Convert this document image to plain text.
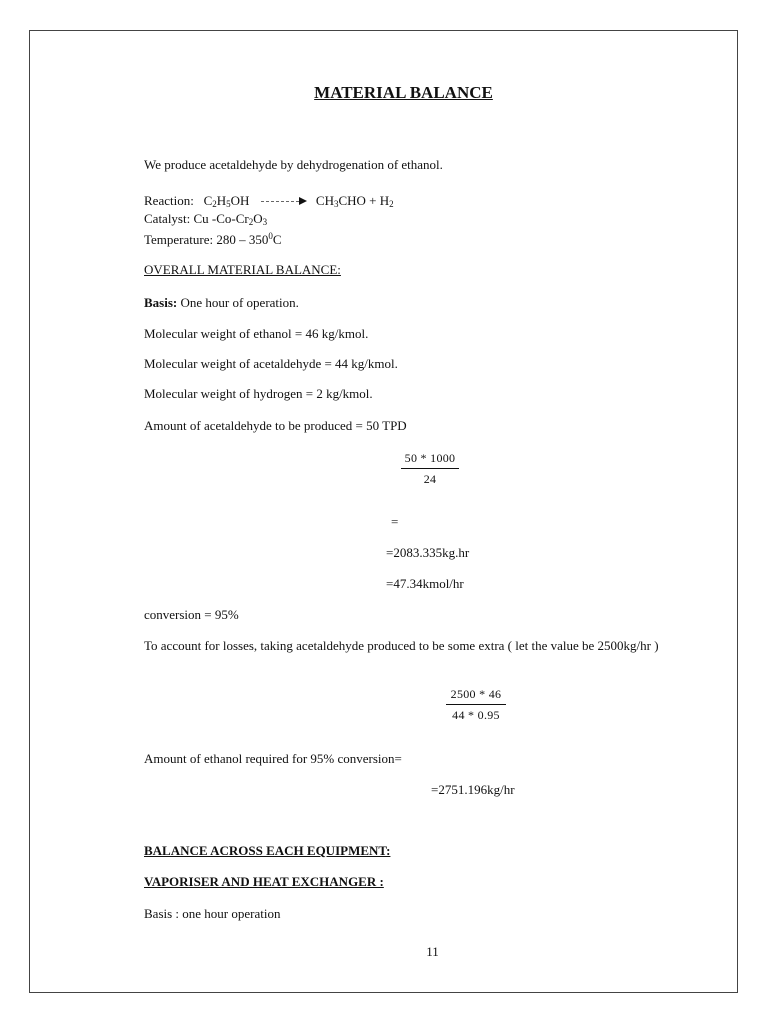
MATERIAL BALANCE
We produce acetaldehyde by dehydrogenation of ethanol.
Reaction: $C_2H_5OH$	$CH_3CHO + H_2$
Catalyst: Cu $-Co-Cr_2O_3$
Temperature: $280 - 350^0C$
OVERALL MATERIAL BALANCE:
Basis: One hour of operation.
Molecular weight of ethanol = 46 kg/kmol.
Molecular weight of acetaldehyde = 44 kg/kmol.
Molecular weight of hydrogen = 2 kg/kmol.
Amount of acetaldehyde to be produced = 50 TPD
50 * 1000
24
=
=2083.335kg.hr
=47.34kmol/hr
conversion = 95%
To account for losses, taking acetaldehyde produced to be some extra ( let the value be 2500kg/hr )
2500 * 46
44 * 0.95
Amount of ethanol required for 95% conversion=
=2751.196kg/hr
BALANCE ACROSS EACH EQUIPMENT:
VAPORISER AND HEAT EXCHANGER :
Basis : one hour operation
11
